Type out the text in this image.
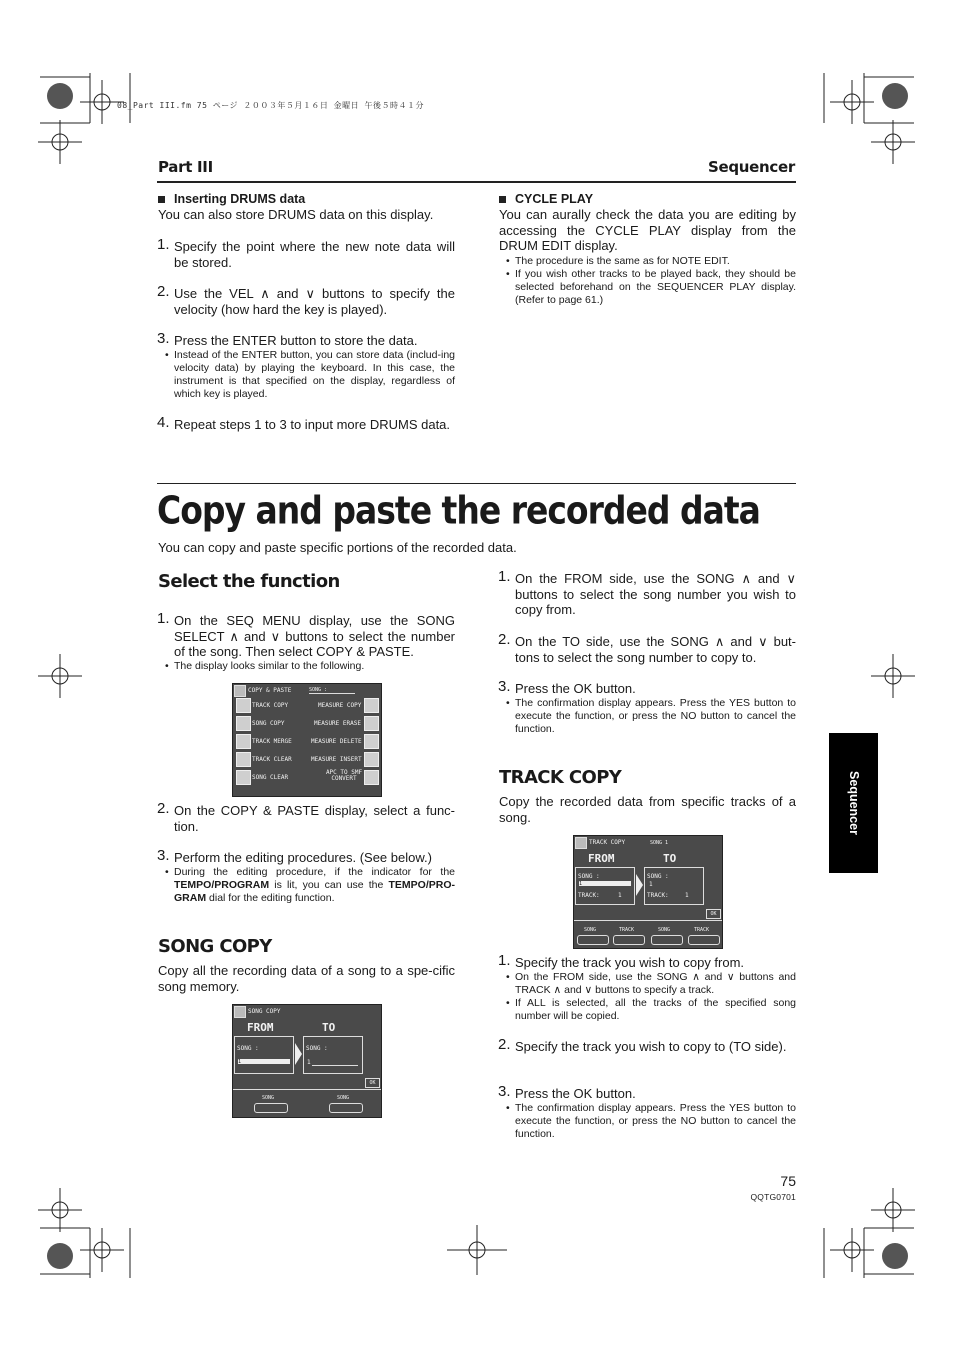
08_Part III.fm 75 ページ ２００３年５月１６日 金曜日 午後５時４１分
Part III	Sequencer
Inserting DRUMS data
You can also store DRUMS data on this display.
1. Specify the point where the new note data will be stored.
2. Use the VEL ∧ and ∨ buttons to specify the velocity (how hard the key is played).
3. Press the ENTER button to store the data.
• Instead of the ENTER button, you can store data (includ-ing velocity data) by playing the keyboard. In this case, the instrument is that specified on the display, regardless of which key is played.
4. Repeat steps 1 to 3 to input more DRUMS data.
CYCLE PLAY
You can aurally check the data you are editing by accessing the CYCLE PLAY display from the DRUM EDIT display.
• The procedure is the same as for NOTE EDIT.
• If you wish other tracks to be played back, they should be selected beforehand on the SEQUENCER PLAY display. (Refer to page 61.)
Copy and paste the recorded data
You can copy and paste specific portions of the recorded data.
Select the function
1. On the SEQ MENU display, use the SONG SELECT ∧ and ∨ buttons to select the number of the song. Then select COPY & PASTE.
• The display looks similar to the following.
COPY & PASTE	SONG :
TRACK COPY
SONG COPY
TRACK MERGE
TRACK CLEAR
SONG CLEAR
MEASURE COPY
MEASURE ERASE
MEASURE DELETE
MEASURE INSERT
APC TO SMF CONVERT
2. On the COPY & PASTE display, select a func-tion.
3. Perform the editing procedures. (See below.)
• During the editing procedure, if the indicator for the TEMPO/PROGRAM is lit, you can use the TEMPO/PRO- GRAM dial for the editing function.
SONG COPY
Copy all the recording data of a song to a spe-cific song memory.
SONG COPY
FROM	TO
SONG :
1
SONG :
1
OK
SONG	SONG
1. On the FROM side, use the SONG ∧ and ∨ buttons to select the song number you wish to copy from.
2. On the TO side, use the SONG ∧ and ∨ but-tons to select the song number to copy to.
3. Press the OK button.
• The confirmation display appears. Press the YES button to execute the function, or press the NO button to cancel the function.
TRACK COPY
Copy the recorded data from specific tracks of a song.
TRACK COPY	SONG 1
FROM	TO
SONG :
1
TRACK:	1
SONG :
1
TRACK:	1
OK
SONG	TRACK	SONG	TRACK
1. Specify the track you wish to copy from.
• On the FROM side, use the SONG ∧ and ∨ buttons and TRACK ∧ and ∨ buttons to specify a track.
• If ALL is selected, all the tracks of the specified song number will be copied.
2. Specify the track you wish to copy to (TO side).
3. Press the OK button.
• The confirmation display appears. Press the YES button to execute the function, or press the NO button to cancel the function.
Sequencer
75
QQTG0701
